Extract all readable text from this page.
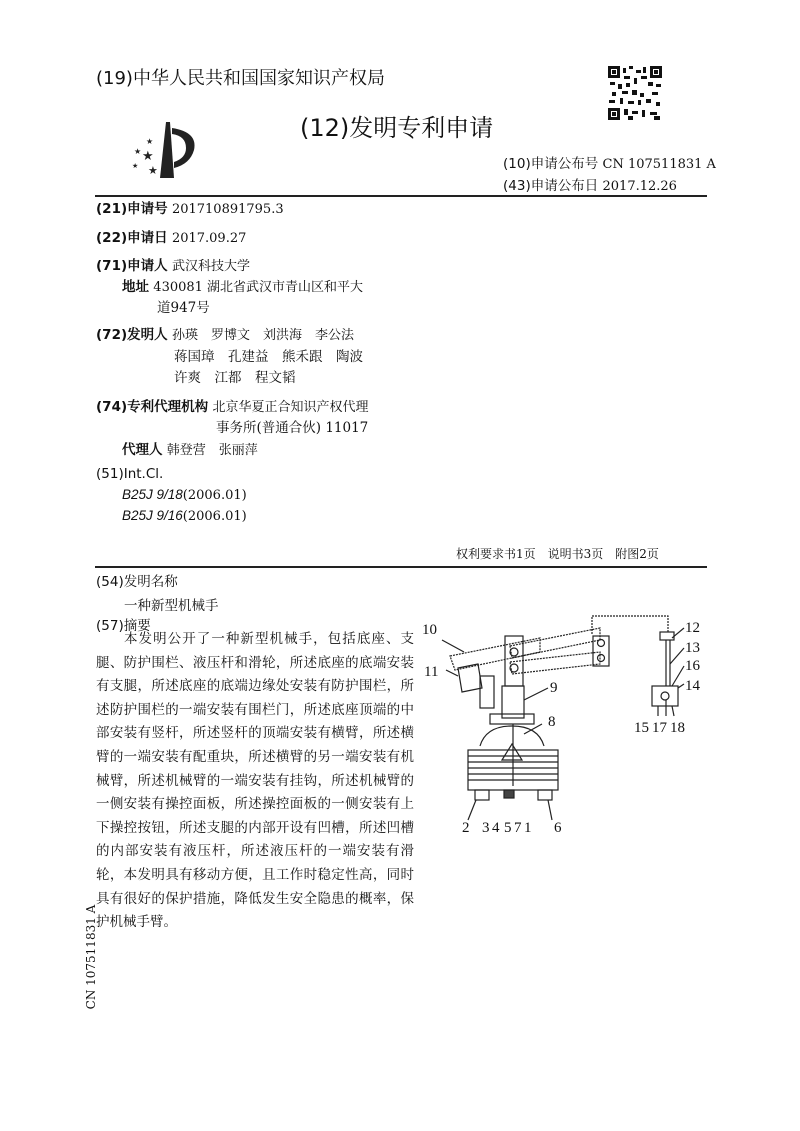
(19)中华人民共和国国家知识产权局
★
★ ★
★
★
(12)发明专利申请
(10)申请公布号 CN 107511831 A
(43)申请公布日 2017.12.26
(21)申请号 201710891795.3
(22)申请日 2017.09.27
(71)申请人 武汉科技大学
地址 430081 湖北省武汉市青山区和平大
道947号
(72)发明人 孙瑛　罗博文　刘洪海　李公法
蒋国璋　孔建益　熊禾跟　陶波
许爽　江都　程文韬
(74)专利代理机构 北京华夏正合知识产权代理
事务所(普通合伙) 11017
代理人 韩登营　张丽萍
(51)Int.Cl.
B25J 9/18(2006.01)
B25J 9/16(2006.01)
权利要求书1页　说明书3页　附图2页
(54)发明名称
一种新型机械手
(57)摘要
本发明公开了一种新型机械手，包括底座、支腿、防护围栏、液压杆和滑轮，所述底座的底端安装有支腿，所述底座的底端边缘处安装有防护围栏，所述防护围栏的一端安装有围栏门，所述底座顶端的中部安装有竖杆，所述竖杆的顶端安装有横臂，所述横臂的一端安装有配重块，所述横臂的另一端安装有机械臂，所述机械臂的一端安装有挂钩，所述机械臂的一侧安装有操控面板，所述操控面板的一侧安装有上下操控按钮，所述支腿的内部开设有凹槽，所述凹槽的内部安装有液压杆，所述液压杆的一端安装有滑轮，本发明具有移动方便，且工作时稳定性高，同时具有很好的保护措施，降低发生安全隐患的概率，保护机械手臂。
10
11
9
8
12
13
16
14
15 17 18
2 3 4 5 7 1 6
CN 107511831 A
